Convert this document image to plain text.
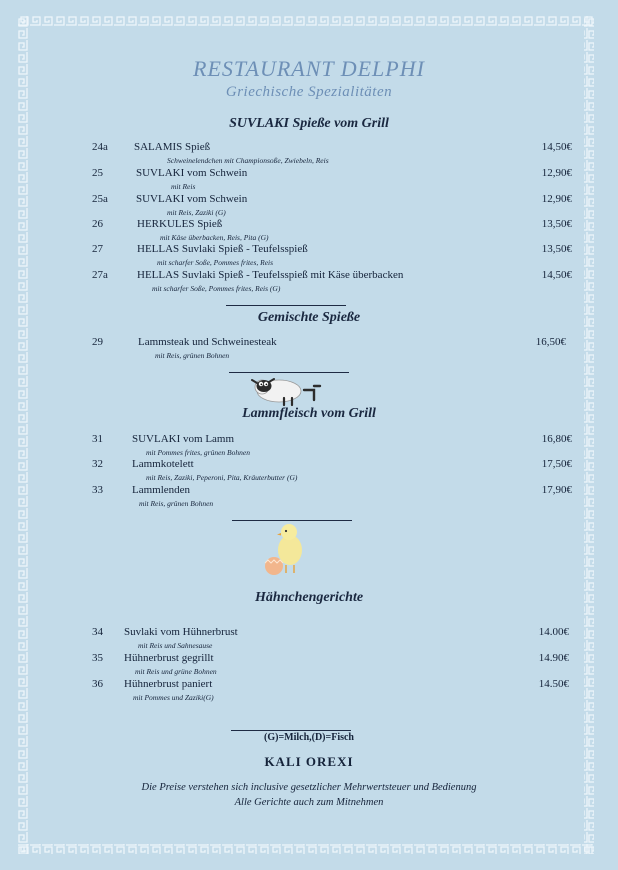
RESTAURANT DELPHI
Griechische Spezialitäten
SUVLAKI Spieße vom Grill
24a SALAMIS Spieß	14,50€
Schweinelendchen mit Championsoße, Zwiebeln, Reis
25	SUVLAKI vom Schwein	12,90€
mit Reis
25a	SUVLAKI vom Schwein	12,90€
mit Reis, Zaziki (G)
26	HERKULES Spieß	13,50€
mit Käse überbacken, Reis, Pita (G)
27	HELLAS Suvlaki Spieß - Teufelsspieß	13,50€
mit scharfer Soße, Pommes frites, Reis
27a	HELLAS Suvlaki Spieß - Teufelsspieß mit Käse überbacken	14,50€
mit scharfer Soße, Pommes frites, Reis (G)
Gemischte Spieße
29	Lammsteak und Schweinesteak	16,50€
mit Reis, grünen Bohnen
Lammfleisch vom Grill
31	SUVLAKI vom Lamm	16,80€
mit Pommes frites, grünen Bohnen
32	Lammkotelett	17,50€
mit Reis, Zaziki, Peperoni, Pita, Kräuterbutter (G)
33	Lammlenden	17,90€
mit Reis, grünen Bohnen
Hähnchengerichte
34 Suvlaki vom Hühnerbrust	14.00€
mit Reis und Sahnesause
35 Hühnerbrust gegrillt	14.90€
mit Reis und grüne Bohnen
36 Hühnerbrust paniert	14.50€
mit Pommes und Zaziki(G)
(G)=Milch,(D)=Fisch
KALI OREXI
Die Preise verstehen sich inclusive gesetzlicher Mehrwertsteuer und Bedienung
Alle Gerichte auch zum Mitnehmen
